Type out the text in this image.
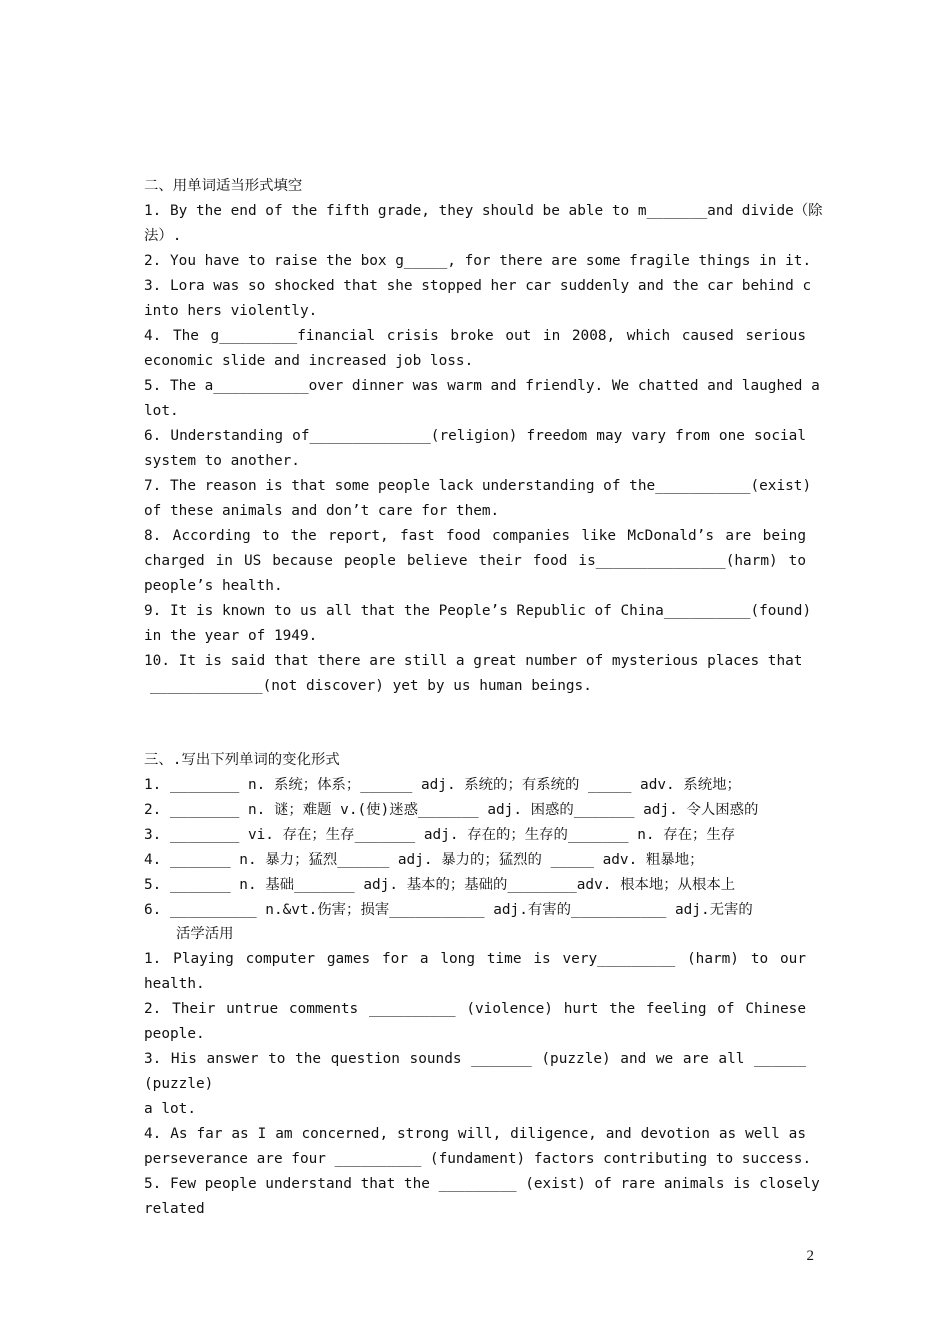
二、用单词适当形式填空
1. By the end of the fifth grade, they should be able to m_______and divide（除
法）.
2. You have to raise the box g_____, for there are some fragile things in it.
3. Lora was so shocked that she stopped her car suddenly and the car behind c
into hers violently.
4. The g_________financial crisis broke out in 2008, which caused serious
economic slide and increased job loss.
5. The a___________over dinner was warm and friendly. We chatted and laughed a
lot.
6. Understanding of______________(religion) freedom may vary from one social
system to another.
7. The reason is that some people lack understanding of the___________(exist)
of these animals and don’t care for them.
8. According to the report, fast food companies like McDonald’s are being
charged in US because people believe their food is_______________(harm) to
people’s health.
9. It is known to us all that the People’s Republic of China__________(found)
in the year of 1949.
10. It is said that there are still a great number of mysterious places that
_____________(not discover) yet by us human beings.
三、.写出下列单词的变化形式
1. ________ n. 系统；体系；______ adj. 系统的；有系统的 _____ adv. 系统地；
2. ________ n. 谜；难题 v.(使)迷惑_______ adj. 困惑的_______ adj. 令人困惑的
3. ________ vi. 存在；生存_______ adj. 存在的；生存的_______ n. 存在；生存
4. _______ n. 暴力；猛烈______ adj. 暴力的；猛烈的 _____ adv. 粗暴地；
5. _______ n. 基础_______ adj. 基本的；基础的________adv. 根本地；从根本上
6. __________ n.&vt.伤害；损害___________ adj.有害的___________ adj.无害的
活学活用
1. Playing computer games for a long time is very_________ (harm) to our
health.
2. Their untrue comments __________ (violence) hurt the feeling of Chinese
people.
3. His answer to the question sounds _______ (puzzle) and we are all ______
(puzzle)
a lot.
4. As far as I am concerned, strong will, diligence, and devotion as well as
perseverance are four __________ (fundament) factors contributing to success.
5. Few people understand that the _________ (exist) of rare animals is closely
related
2
